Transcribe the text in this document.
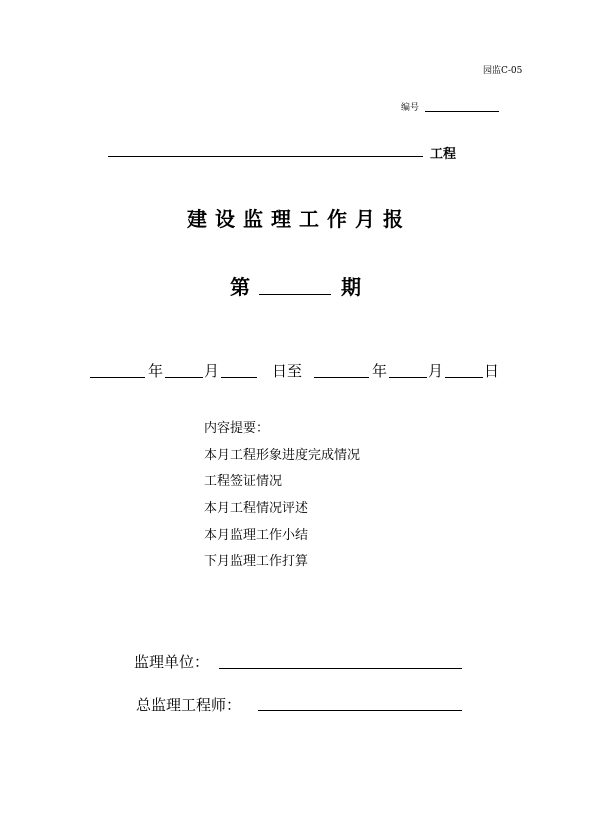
园监C-05
编号
工程
建设监理工作月报
第	期
年	月	日至	年	月	日
内容提要：
本月工程形象进度完成情况
工程签证情况
本月工程情况评述
本月监理工作小结
下月监理工作打算
监理单位：
总监理工程师：
